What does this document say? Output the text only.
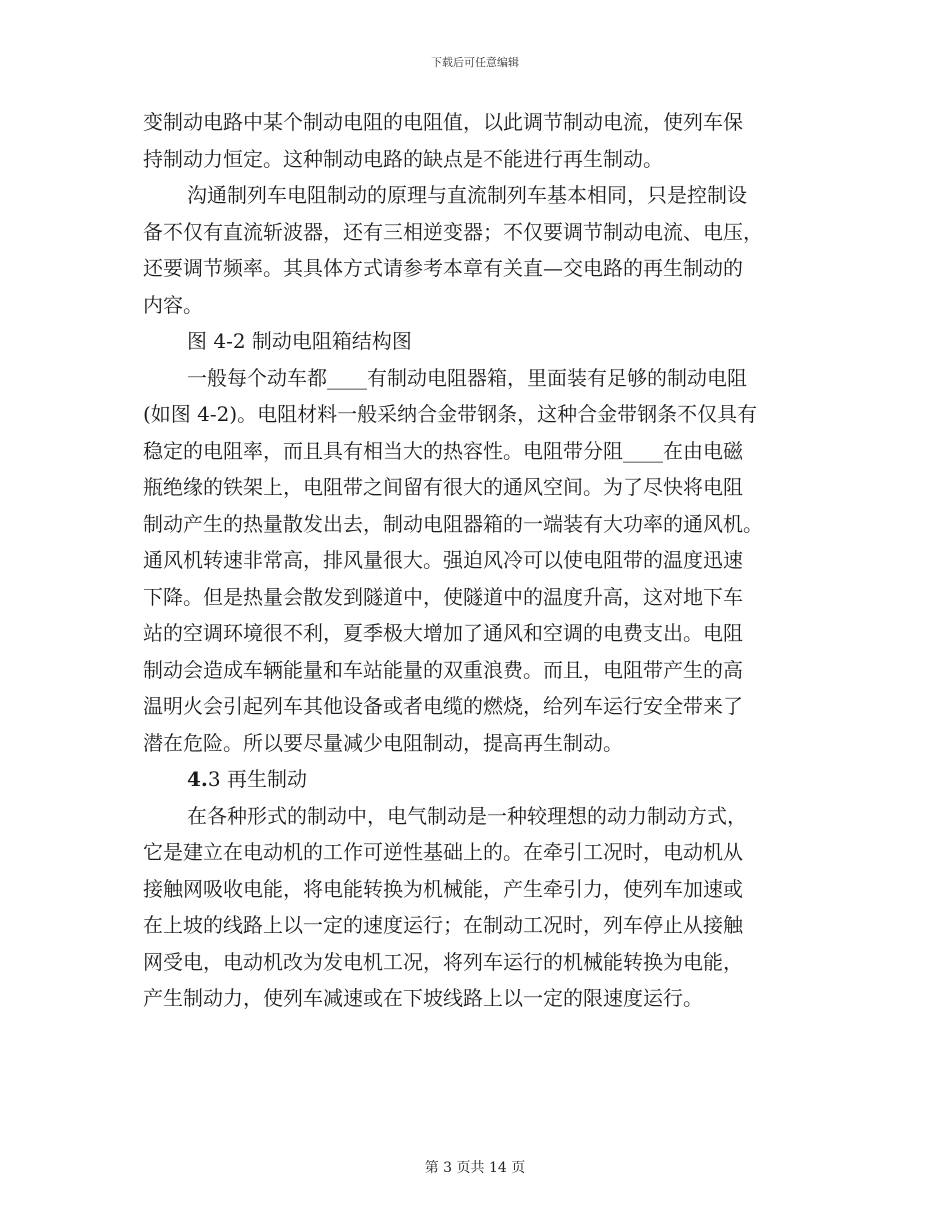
下载后可任意编辑
变制动电路中某个制动电阻的电阻值，以此调节制动电流，使列车保
持制动力恒定。这种制动电路的缺点是不能进行再生制动。
沟通制列车电阻制动的原理与直流制列车基本相同，只是控制设
备不仅有直流斩波器，还有三相逆变器；不仅要调节制动电流、电压，
还要调节频率。其具体方式请参考本章有关直—交电路的再生制动的
内容。
图 4-2 制动电阻箱结构图
一般每个动车都____有制动电阻器箱，里面装有足够的制动电阻
(如图 4-2)。电阻材料一般采纳合金带钢条，这种合金带钢条不仅具有
稳定的电阻率，而且具有相当大的热容性。电阻带分阻____在由电磁
瓶绝缘的铁架上，电阻带之间留有很大的通风空间。为了尽快将电阻
制动产生的热量散发出去，制动电阻器箱的一端装有大功率的通风机。
通风机转速非常高，排风量很大。强迫风冷可以使电阻带的温度迅速
下降。但是热量会散发到隧道中，使隧道中的温度升高，这对地下车
站的空调环境很不利，夏季极大增加了通风和空调的电费支出。电阻
制动会造成车辆能量和车站能量的双重浪费。而且，电阻带产生的高
温明火会引起列车其他设备或者电缆的燃烧，给列车运行安全带来了
潜在危险。所以要尽量减少电阻制动，提高再生制动。
4.3 再生制动
在各种形式的制动中，电气制动是一种较理想的动力制动方式，
它是建立在电动机的工作可逆性基础上的。在牵引工况时，电动机从
接触网吸收电能，将电能转换为机械能，产生牵引力，使列车加速或
在上坡的线路上以一定的速度运行；在制动工况时，列车停止从接触
网受电，电动机改为发电机工况，将列车运行的机械能转换为电能，
产生制动力，使列车减速或在下坡线路上以一定的限速度运行。
第 3 页共 14 页
